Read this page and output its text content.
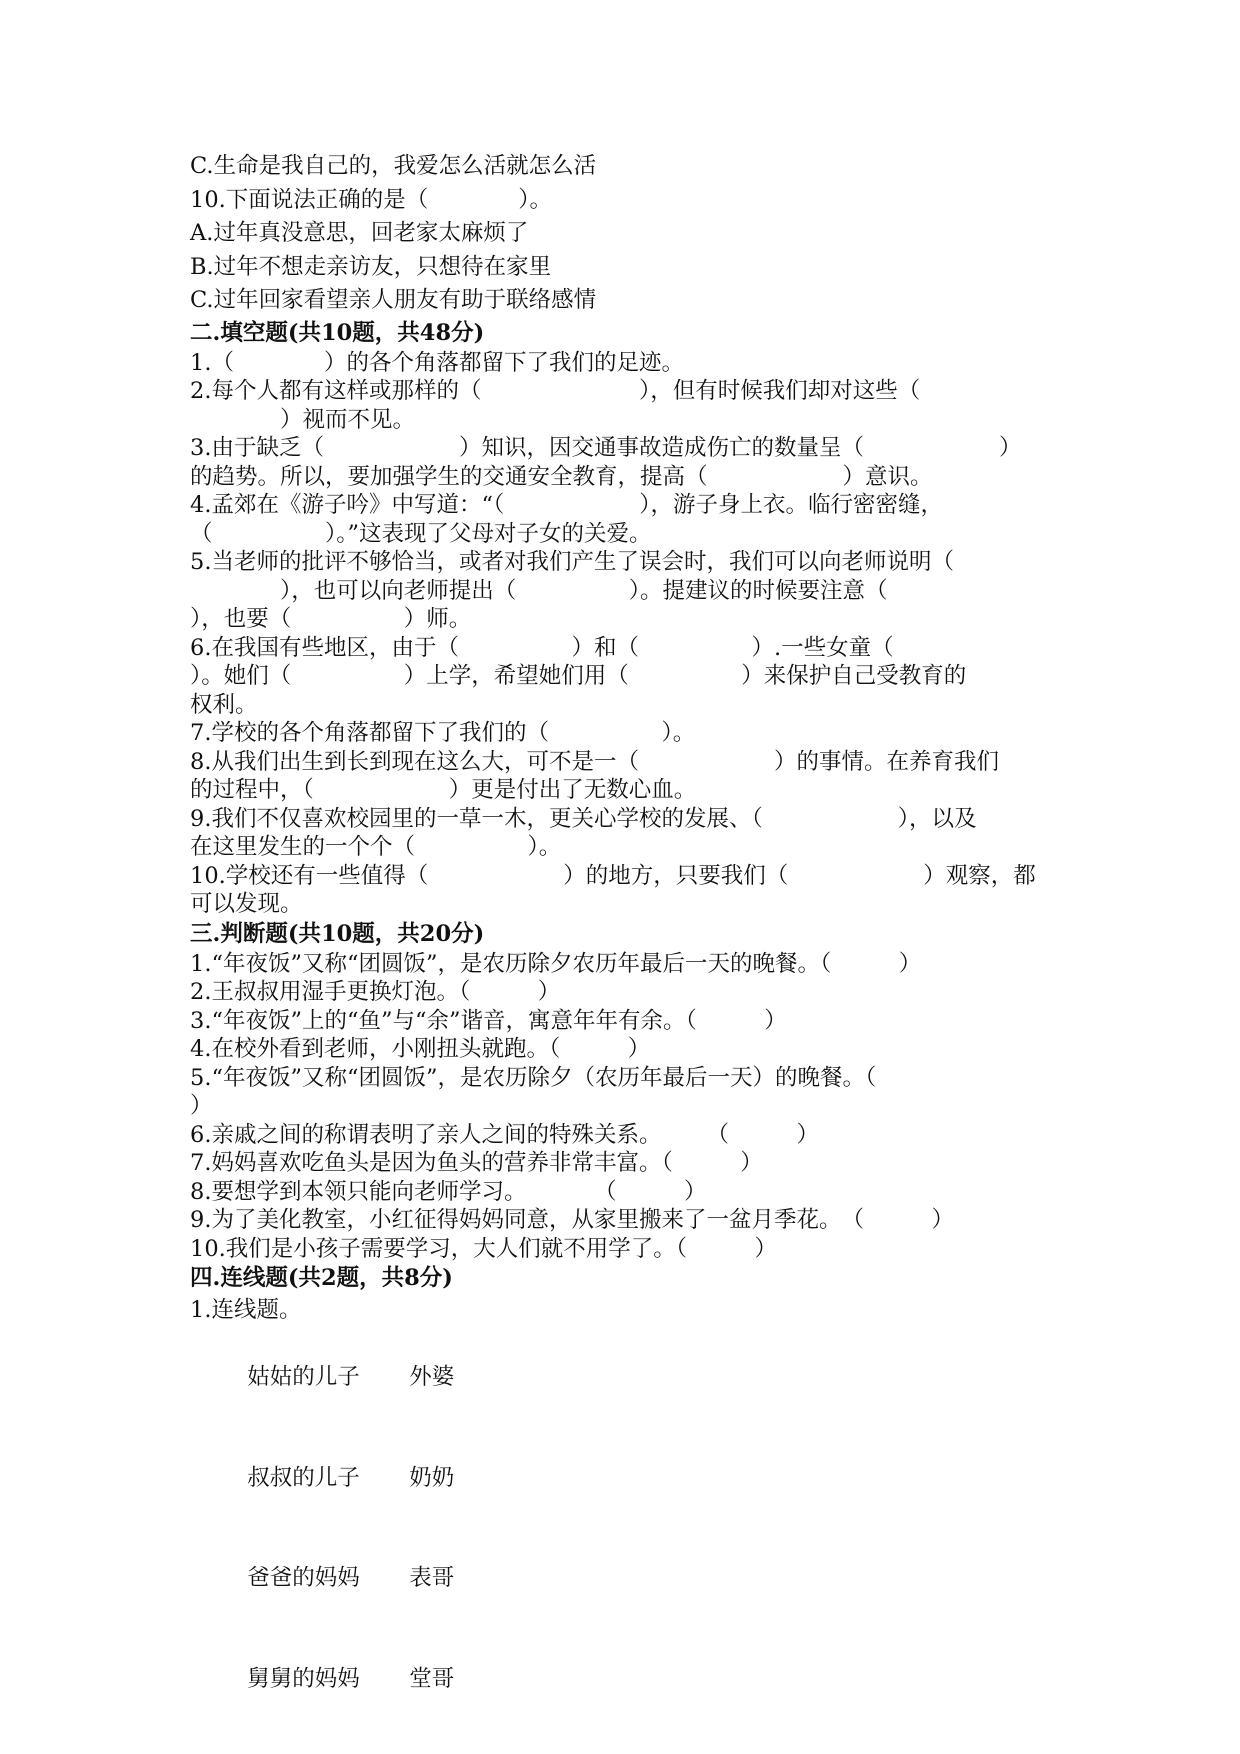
C.生命是我自己的，我爱怎么活就怎么活
10.下面说法正确的是（　　　　）。
A.过年真没意思，回老家太麻烦了
B.过年不想走亲访友，只想待在家里
C.过年回家看望亲人朋友有助于联络感情
二.填空题(共10题，共48分)
1.（　　　　）的各个角落都留下了我们的足迹。
2.每个人都有这样或那样的（　　　　　　　），但有时候我们却对这些（
　　　　）视而不见。
3.由于缺乏（　　　　　　）知识，因交通事故造成伤亡的数量呈（　　　　　　）
的趋势。所以，要加强学生的交通安全教育，提高（　　　　　　）意识。
4.孟郊在《游子吟》中写道：“（　　　　　　），游子身上衣。临行密密缝，
（　　　　　）。”这表现了父母对子女的关爱。
5.当老师的批评不够恰当，或者对我们产生了误会时，我们可以向老师说明（
　　　　），也可以向老师提出（　　　　　）。提建议的时候要注意（
），也要（　　　　　）师。
6.在我国有些地区，由于（　　　　　）和（　　　　　）.一些女童（
）。她们（　　　　　）上学，希望她们用（　　　　　）来保护自己受教育的
权利。
7.学校的各个角落都留下了我们的（　　　　　）。
8.从我们出生到长到现在这么大，可不是一（　　　　　　）的事情。在养育我们
的过程中，（　　　　　　）更是付出了无数心血。
9.我们不仅喜欢校园里的一草一木，更关心学校的发展、（　　　　　　），以及
在这里发生的一个个（　　　　　）。
10.学校还有一些值得（　　　　　　）的地方，只要我们（　　　　　　）观察，都
可以发现。
三.判断题(共10题，共20分)
1.“年夜饭”又称“团圆饭”，是农历除夕农历年最后一天的晚餐。（　　　）
2.王叔叔用湿手更换灯泡。（　　　）
3.“年夜饭”上的“鱼”与“余”谐音，寓意年年有余。（　　　）
4.在校外看到老师，小刚扭头就跑。（　　　）
5.“年夜饭”又称“团圆饭”，是农历除夕（农历年最后一天）的晚餐。（
）
6.亲戚之间的称谓表明了亲人之间的特殊关系。　　　（　　　）
7.妈妈喜欢吃鱼头是因为鱼头的营养非常丰富。（　　　）
8.要想学到本领只能向老师学习。　　　　（　　　）
9.为了美化教室，小红征得妈妈同意，从家里搬来了一盆月季花。　（　　　）
10.我们是小孩子需要学习，大人们就不用学了。（　　　）
四.连线题(共2题，共8分)
1.连线题。

姑姑的儿子 外婆

叔叔的儿子 奶奶

爸爸的妈妈 表哥

舅舅的妈妈 堂哥
